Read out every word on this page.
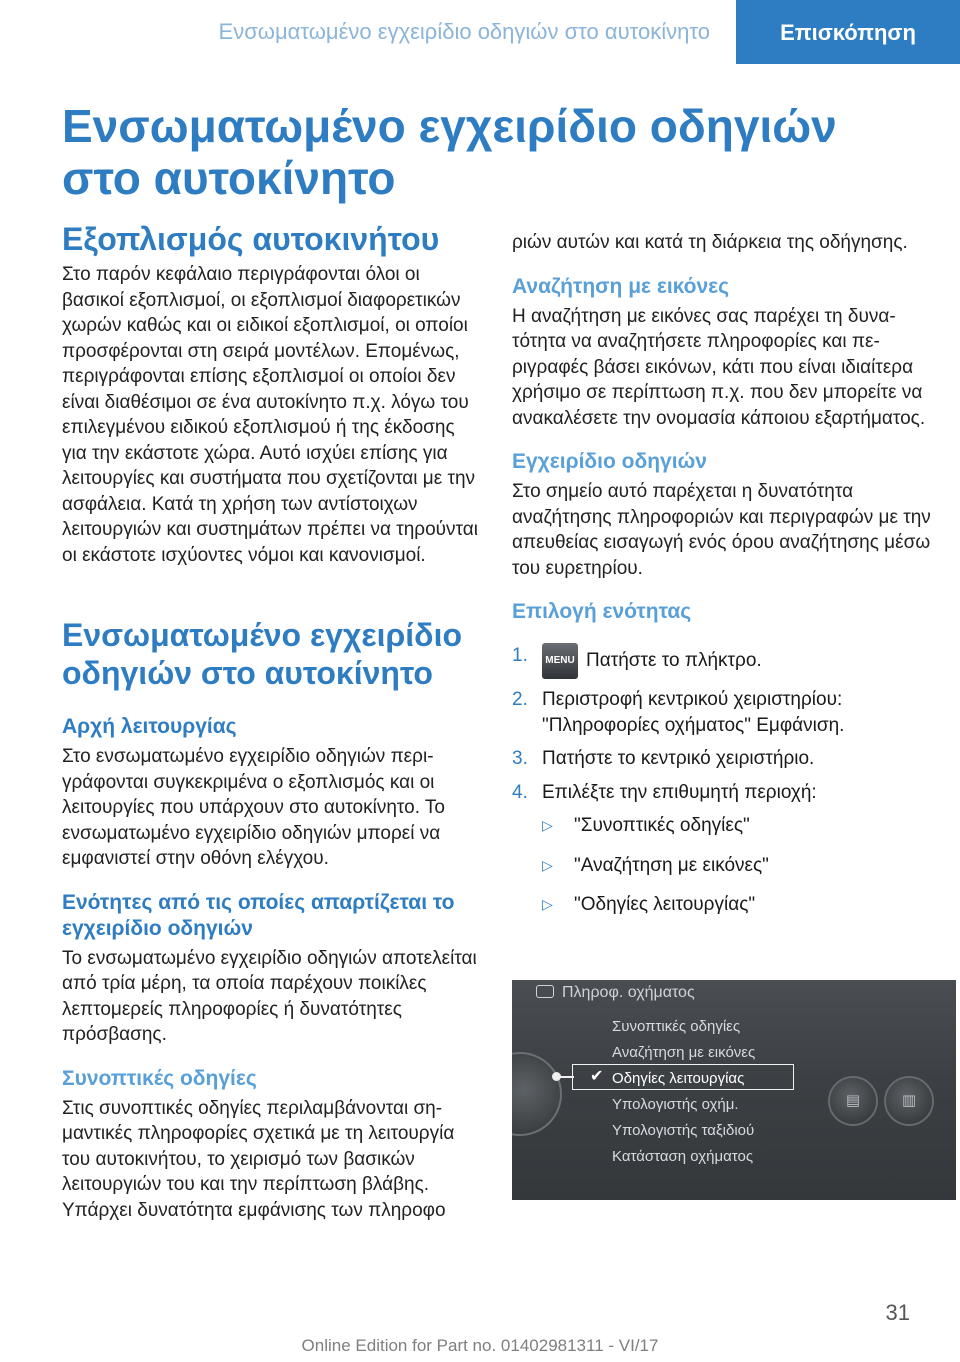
Ενσωματωμένο εγχειρίδιο οδηγιών στο αυτοκίνητο	Επισκόπηση
Ενσωματωμένο εγχειρίδιο οδηγιών στο αυτοκίνητο
Εξοπλισμός αυτοκινήτου

Στο παρόν κεφάλαιο περιγράφονται όλοι οι βασικοί εξοπλισμοί, οι εξοπλισμοί διαφορετικών χωρών καθώς και οι ειδικοί εξοπλισμοί, οι οποίοι προσφέρονται στη σειρά μοντέλων. Επομένως, περιγράφονται επίσης εξοπλισμοί οι οποίοι δεν είναι διαθέσιμοι σε ένα αυτοκίνητο π.χ. λόγω του επιλεγμένου ειδικού εξοπλισμού ή της έκδοσης για την εκάστοτε χώρα. Αυτό ισχύει επίσης για λειτουργίες και συστήματα που σχετίζονται με την ασφάλεια. Κατά τη χρήση των αντίστοιχων λειτουργιών και συστημάτων πρέπει να τηρούνται οι εκάστοτε ισχύοντες νόμοι και κανονισμοί.

Ενσωματωμένο εγχειρίδιο οδηγιών στο αυτοκίνητο
Αρχή λειτουργίας

Στο ενσωματωμένο εγχειρίδιο οδηγιών περιγράφονται συγκεκριμένα ο εξοπλισμός και οι λειτουργίες που υπάρχουν στο αυτοκίνητο. Το ενσωματωμένο εγχειρίδιο οδηγιών μπορεί να εμφανιστεί στην οθόνη ελέγχου.

Ενότητες από τις οποίες απαρτίζεται το εγχειρίδιο οδηγιών

Το ενσωματωμένο εγχειρίδιο οδηγιών αποτελείται από τρία μέρη, τα οποία παρέχουν ποικίλες λεπτομερείς πληροφορίες ή δυνατότητες πρόσβασης.

Συνοπτικές οδηγίες

Στις συνοπτικές οδηγίες περιλαμβάνονται σημαντικές πληροφορίες σχετικά με τη λειτουργία του αυτοκινήτου, το χειρισμό των βασικών λειτουργιών του και την περίπτωση βλάβης. Υπάρχει δυνατότητα εμφάνισης των πληροφο

ριών αυτών και κατά τη διάρκεια της οδήγησης.

Αναζήτηση με εικόνες

Η αναζήτηση με εικόνες σας παρέχει τη δυνατότητα να αναζητήσετε πληροφορίες και περιγραφές βάσει εικόνων, κάτι που είναι ιδιαίτερα χρήσιμο σε περίπτωση π.χ. που δεν μπορείτε να ανακαλέσετε την ονομασία κάποιου εξαρτήματος.

Εγχειρίδιο οδηγιών

Στο σημείο αυτό παρέχεται η δυνατότητα αναζήτησης πληροφοριών και περιγραφών με την απευθείας εισαγωγή ενός όρου αναζήτησης μέσω του ευρετηρίου.

Επιλογή ενότητας
1. MENU Πατήστε το πλήκτρο.
2. Περιστροφή κεντρικού χειριστηρίου: "Πληροφορίες οχήματος" Εμφάνιση.
3. Πατήστε το κεντρικό χειριστήριο.
4. Επιλέξτε την επιθυμητή περιοχή:
▷ "Συνοπτικές οδηγίες"
▷ "Αναζήτηση με εικόνες"
▷ "Οδηγίες λειτουργίας"
Πληροφ. οχήματος
✔
Συνοπτικές οδηγίες
Αναζήτηση με εικόνες
Οδηγίες λειτουργίας
Υπολογιστής οχήμ.
Υπολογιστής ταξιδιού
Κατάσταση οχήματος
▤	▥
31
Online Edition for Part no. 01402981311 - VI/17
